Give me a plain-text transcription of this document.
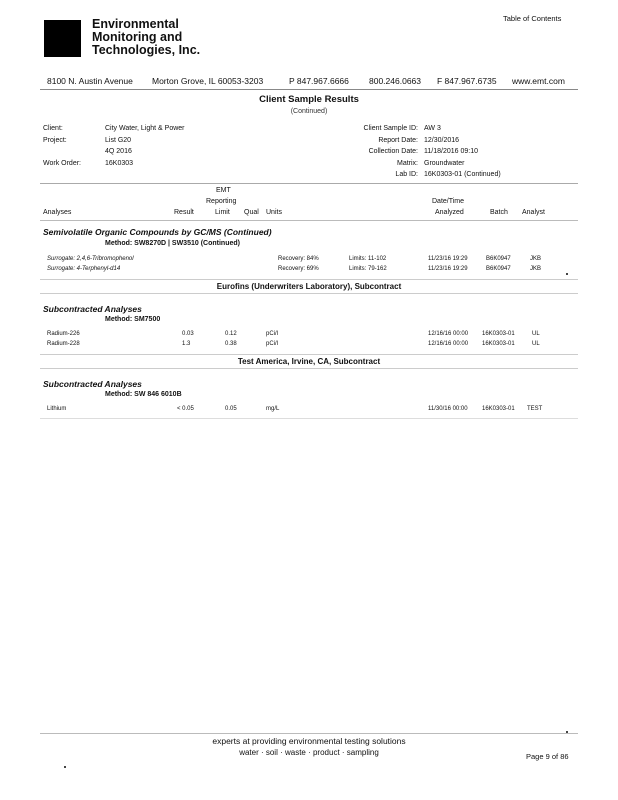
Environmental
Monitoring and
Technologies, Inc.
Table of Contents
8100 N. Austin Avenue Morton Grove, IL 60053-3203	P 847.967.6666 800.246.0663 F 847.967.6735 www.emt.com
Client Sample Results
(Continued)
Client:	City Water, Light & Power
Project:	List G20
4Q 2016
Work Order:	16K0303
Client Sample ID: AW 3
Report Date: 12/30/2016
Collection Date: 11/18/2016 09:10
Matrix: Groundwater
Lab ID: 16K0303-01 (Continued)
EMT
Reporting	Date/Time
Analyses	Result	Limit Qual Units	Analyzed	Batch Analyst
Semivolatile Organic Compounds by GC/MS (Continued)
Method: SW8270D | SW3510 (Continued)
Surrogate: 2,4,6-Tribromophenol	Recovery: 84%	Limits: 11-102	11/23/16 19:29	B6K0947	JKB
Surrogate: 4-Terphenyl-d14	Recovery: 69%	Limits: 79-162	11/23/16 19:29	B6K0947	JKB
Eurofins (Underwriters Laboratory), Subcontract
Subcontracted Analyses
Method: SM7500
Radium-226	0.03	0.12	pCi/l	12/16/16 00:00 16K0303-01	UL
Radium-228	1.3	0.38	pCi/l	12/16/16 00:00 16K0303-01	UL
Test America, Irvine, CA, Subcontract
Subcontracted Analyses
Method: SW 846 6010B
Lithium	< 0.05	0.05	mg/L	11/30/16 00:00 16K0303-01 TEST
experts at providing environmental testing solutions
water · soil · waste · product · sampling	Page 9 of 86
